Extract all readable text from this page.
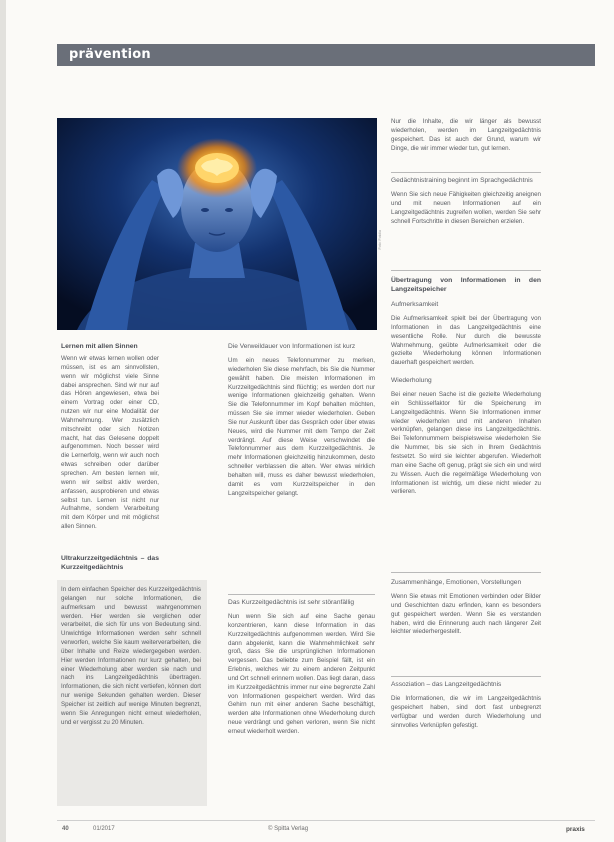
prävention
Foto: Fotolia
Lernen mit allen Sinnen

Wenn wir etwas lernen wollen oder müssen, ist es am sinnvollsten, wenn wir möglichst viele Sinne dabei ansprechen. Sind wir nur auf das Hören angewiesen, etwa bei einem Vortrag oder einer CD, nutzen wir nur eine Modalität der Wahrnehmung. Wer zusätzlich mitschreibt oder sich Notizen macht, hat das Gelesene doppelt aufgenommen. Noch besser wird die Lernerfolg, wenn wir auch noch etwas schreiben oder darüber sprechen. Am besten lernen wir, wenn wir selbst aktiv werden, anfassen, ausprobieren und etwas selbst tun. Lernen ist nicht nur Aufnahme, sondern Verarbeitung mit dem Körper und mit möglichst allen Sinnen.

Ultrakurzzeitgedächtnis – das Kurzzeitgedächtnis

In dem einfachen Speicher des Kurzzeitgedächtnis gelangen nur solche Informationen, die aufmerksam und bewusst wahrgenommen werden. Hier werden sie verglichen oder verarbeitet, die sich für uns von Bedeutung sind. Unwichtige Informationen werden sehr schnell verworfen, welche Sie kaum weiterverarbeiten, die über Inhalte und Reize wiedergegeben werden. Hier werden Informationen nur kurz gehalten, bei einer Wiederholung aber werden sie nach und nach ins Langzeitgedächtnis übertragen. Informationen, die sich nicht vertiefen, können dort nur wenige Sekunden gehalten werden. Dieser Speicher ist zeitlich auf wenige Minuten begrenzt, wenn Sie Anregungen nicht erneut wiederholen, und er vergisst zu 20 Minuten.

Die Verweildauer von Informationen ist kurz

Um ein neues Telefonnummer zu merken, wiederholen Sie diese mehrfach, bis Sie die Nummer gewählt haben. Die meisten Informationen im Kurzzeitgedächtnis sind flüchtig; es werden dort nur wenige Informationen gleichzeitig gehalten. Wenn Sie die Telefonnummer im Kopf behalten möchten, müssen Sie sie immer wieder wiederholen. Geben Sie nur Auskunft über das Gespräch oder über etwas Neues, wird die Nummer mit dem Tempo der Zeit verdrängt. Auf diese Weise verschwindet die Telefonnummer aus dem Kurzzeitgedächtnis. Je mehr Informationen gleichzeitig hinzukommen, desto schneller verblassen die alten. Wer etwas wirklich behalten will, muss es daher bewusst wiederholen, damit es vom Kurzzeitspeicher in den Langzeitspeicher gelangt.

Das Kurzzeitgedächtnis ist sehr störanfällig

Nun wenn Sie sich auf eine Sache genau konzentrieren, kann diese Information in das Kurzzeitgedächtnis aufgenommen werden. Wird Sie dann abgelenkt, kann die Wahrnehmlichkeit sehr groß, dass Sie die ursprünglichen Informationen vergessen. Das beliebte zum Beispiel fällt, ist ein Erlebnis, welches wir zu einem anderen Zeitpunkt und Ort schnell erinnern wollen. Das liegt daran, dass im Kurzzeitgedächtnis immer nur eine begrenzte Zahl von Informationen gespeichert werden. Wird das Gehirn nun mit einer anderen Sache beschäftigt, werden alte Informationen ohne Wiederholung durch neue verdrängt und gehen verloren, wenn Sie nicht erneut wiederholt werden.

Nur die Inhalte, die wir länger als bewusst wiederholen, werden im Langzeitgedächtnis gespeichert. Das ist auch der Grund, warum wir Dinge, die wir immer wieder tun, gut lernen.

Gedächtnistraining beginnt im Sprachgedächtnis

Wenn Sie sich neue Fähigkeiten gleichzeitig aneignen und mit neuen Informationen auf ein Langzeitgedächtnis zugreifen wollen, werden Sie sehr schnell Fortschritte in diesen Bereichen erzielen.

Übertragung von Informationen in den Langzeitspeicher

Aufmerksamkeit

Die Aufmerksamkeit spielt bei der Übertragung von Informationen in das Langzeitgedächtnis eine wesentliche Rolle. Nur durch die bewusste Wahrnehmung, geübte Aufmerksamkeit oder die gezielte Wiederholung können Informationen dauerhaft gespeichert werden.

Wiederholung

Bei einer neuen Sache ist die gezielte Wiederholung ein Schlüsselfaktor für die Speicherung im Langzeitgedächtnis. Wenn Sie Informationen immer wieder wiederholen und mit anderen Inhalten verknüpfen, gelangen diese ins Langzeitgedächtnis. Bei Telefonnummern beispielsweise wiederholen Sie die Nummer, bis sie sich in Ihrem Gedächtnis festsetzt. So wird sie leichter abgerufen. Wiederholt man eine Sache oft genug, prägt sie sich ein und wird zu Wissen. Auch die regelmäßige Wiederholung von Informationen ist wichtig, um diese nicht wieder zu verlieren.

Zusammenhänge, Emotionen, Vorstellungen

Wenn Sie etwas mit Emotionen verbinden oder Bilder und Geschichten dazu erfinden, kann es besonders gut gespeichert werden. Wenn Sie es verstanden haben, wird die Erinnerung auch nach längerer Zeit leichter wiederhergestellt.

Assoziation – das Langzeitgedächtnis

Die Informationen, die wir im Langzeitgedächtnis gespeichert haben, sind dort fast unbegrenzt verfügbar und werden durch Wiederholung und sinnvolles Verknüpfen gefestigt.

40	01/2017	© Spitta Verlag	praxis
